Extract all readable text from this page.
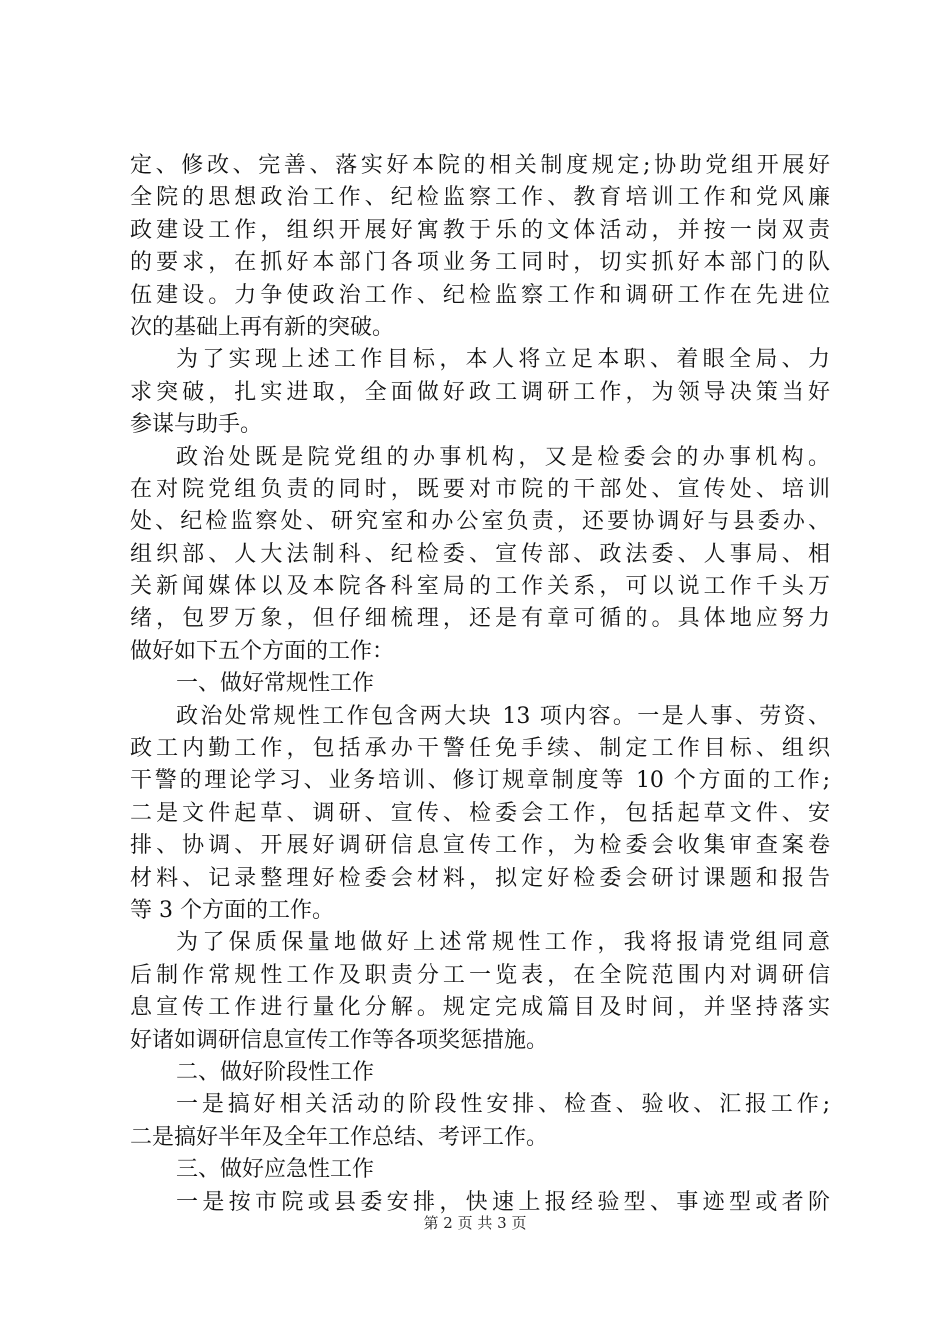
定、修改、完善、落实好本院的相关制度规定;协助党组开展好
全院的思想政治工作、纪检监察工作、教育培训工作和党风廉
政建设工作，组织开展好寓教于乐的文体活动，并按一岗双责
的要求，在抓好本部门各项业务工同时，切实抓好本部门的队
伍建设。力争使政治工作、纪检监察工作和调研工作在先进位
次的基础上再有新的突破。
为了实现上述工作目标，本人将立足本职、着眼全局、力
求突破，扎实进取，全面做好政工调研工作，为领导决策当好
参谋与助手。
政治处既是院党组的办事机构，又是检委会的办事机构。
在对院党组负责的同时，既要对市院的干部处、宣传处、培训
处、纪检监察处、研究室和办公室负责，还要协调好与县委办、
组织部、人大法制科、纪检委、宣传部、政法委、人事局、相
关新闻媒体以及本院各科室局的工作关系，可以说工作千头万
绪，包罗万象，但仔细梳理，还是有章可循的。具体地应努力
做好如下五个方面的工作：
一、做好常规性工作
政治处常规性工作包含两大块 13 项内容。一是人事、劳资、
政工内勤工作，包括承办干警任免手续、制定工作目标、组织
干警的理论学习、业务培训、修订规章制度等 10 个方面的工作;
二是文件起草、调研、宣传、检委会工作，包括起草文件、安
排、协调、开展好调研信息宣传工作，为检委会收集审查案卷
材料、记录整理好检委会材料，拟定好检委会研讨课题和报告
等 3 个方面的工作。
为了保质保量地做好上述常规性工作，我将报请党组同意
后制作常规性工作及职责分工一览表，在全院范围内对调研信
息宣传工作进行量化分解。规定完成篇目及时间，并坚持落实
好诸如调研信息宣传工作等各项奖惩措施。
二、做好阶段性工作
一是搞好相关活动的阶段性安排、检查、验收、汇报工作;
二是搞好半年及全年工作总结、考评工作。
三、做好应急性工作
一是按市院或县委安排，快速上报经验型、事迹型或者阶
第 2 页 共 3 页
